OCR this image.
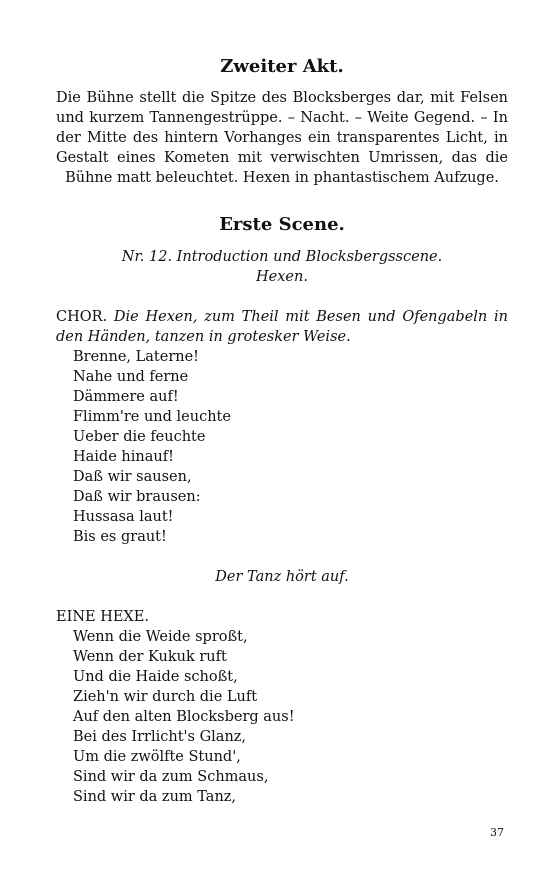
Zweiter Akt.

Die Bühne stellt die Spitze des Blocksberges dar, mit Felsen und kurzem Tannengestrüppe. – Nacht. – Weite Gegend. – In der Mitte des hintern Vorhanges ein transparentes Licht, in Gestalt eines Kometen mit verwischten Umrissen, das die Bühne matt beleuchtet. Hexen in phantastischem Aufzuge.

Erste Scene.

Nr. 12. Introduction und Blocksbergsscene.

Hexen.

CHOR. Die Hexen, zum Theil mit Besen und Ofengabeln in den Händen, tanzen in grotesker Weise.

Brenne, Laterne!

Nahe und ferne

Dämmere auf!

Flimm're und leuchte

Ueber die feuchte

Haide hinauf!

Daß wir sausen,

Daß wir brausen:

Hussasa laut!

Bis es graut!

Der Tanz hört auf.

EINE HEXE.

Wenn die Weide sproßt,

Wenn der Kukuk ruft

Und die Haide schoßt,

Zieh'n wir durch die Luft

Auf den alten Blocksberg aus!

Bei des Irrlicht's Glanz,

Um die zwölfte Stund',

Sind wir da zum Schmaus,

Sind wir da zum Tanz,

37
